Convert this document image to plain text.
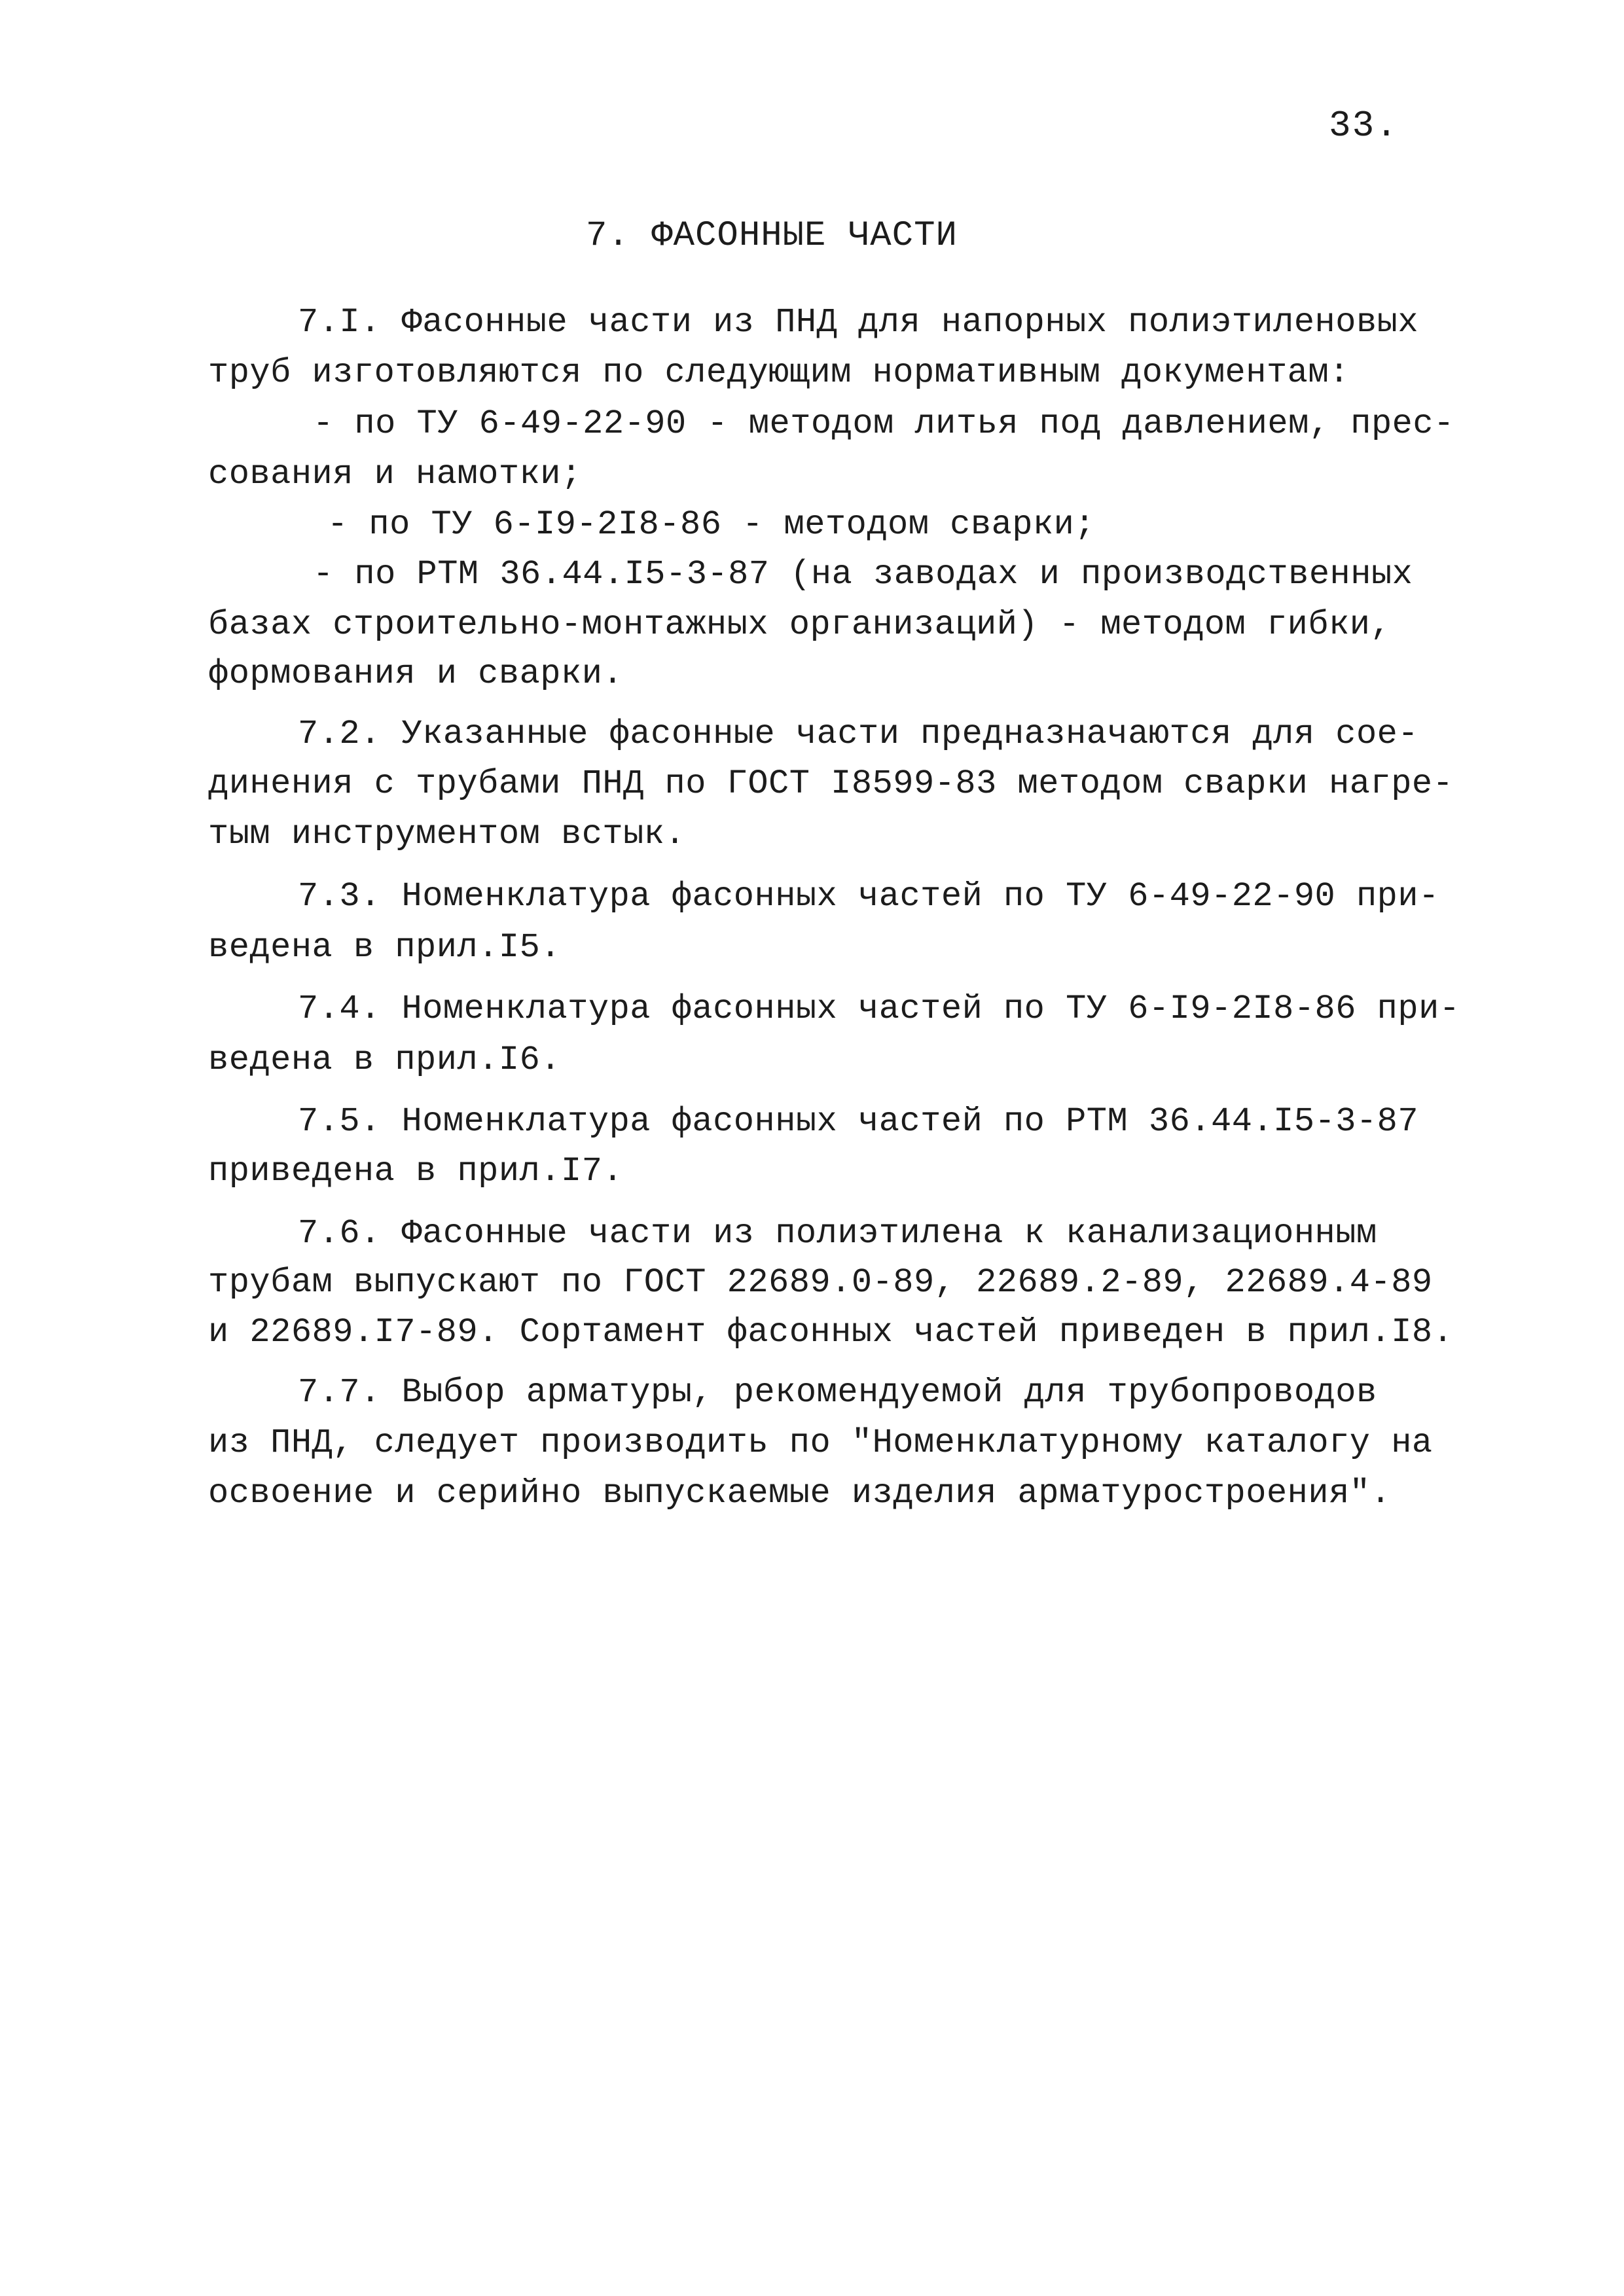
33.
7. ФАСОННЫЕ ЧАСТИ
7.I. Фасонные части из ПНД для напорных полиэтиленовых
труб изготовляются по следующим нормативным документам:
- по ТУ 6-49-22-90 - методом литья под давлением, прес-
сования и намотки;
- по ТУ 6-I9-2I8-86 - методом сварки;
- по РТМ 36.44.I5-3-87 (на заводах и производственных
базах строительно-монтажных организаций) - методом гибки,
формования и сварки.
7.2. Указанные фасонные части предназначаются для сое-
динения с трубами ПНД по ГОСТ I8599-83 методом сварки нагре-
тым инструментом встык.
7.3. Номенклатура фасонных частей по ТУ 6-49-22-90 при-
ведена в прил.I5.
7.4. Номенклатура фасонных частей по ТУ 6-I9-2I8-86 при-
ведена в прил.I6.
7.5. Номенклатура фасонных частей по РТМ 36.44.I5-3-87
приведена в прил.I7.
7.6. Фасонные части из полиэтилена к канализационным
трубам выпускают по ГОСТ 22689.0-89, 22689.2-89, 22689.4-89
и 22689.I7-89. Сортамент фасонных частей приведен в прил.I8.
7.7. Выбор арматуры, рекомендуемой для трубопроводов
из ПНД, следует производить по "Номенклатурному каталогу на
освоение и серийно выпускаемые изделия арматуростроения".
